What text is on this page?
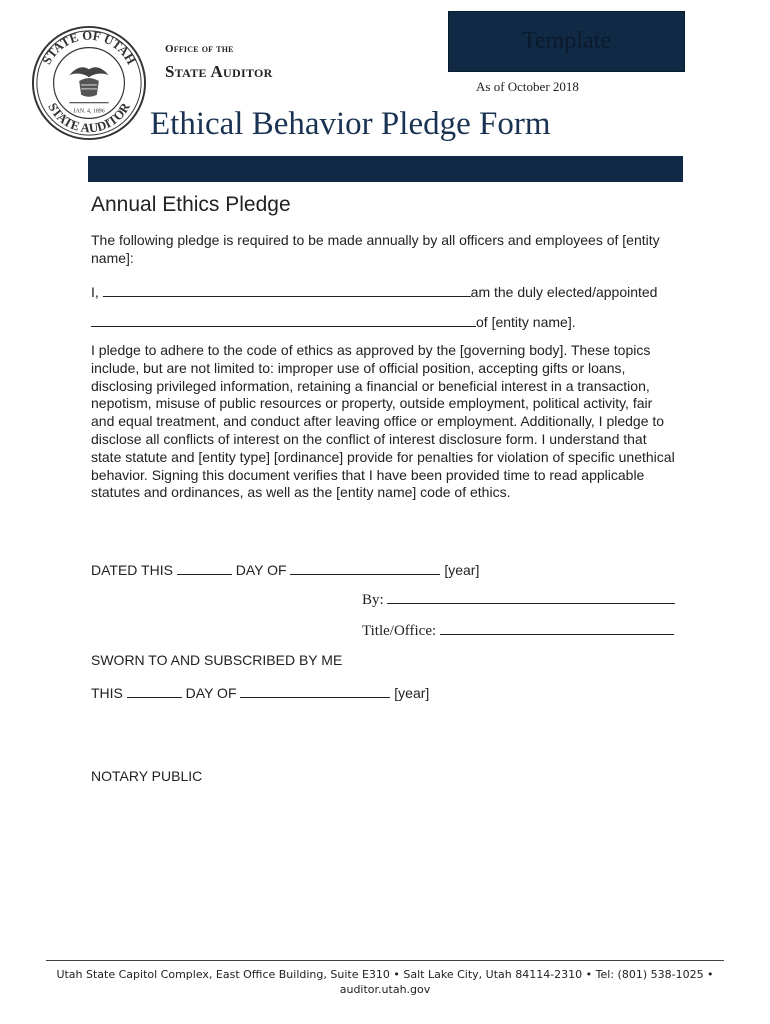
STATE OF UTAH
STATE AUDITOR
JAN. 4, 1896
Office of the
State Auditor
Template
As of October 2018
Ethical Behavior Pledge Form
Annual Ethics Pledge
The following pledge is required to be made annually by all officers and employees of [entity name]:
I,	am the duly elected/appointed
of [entity name].
I pledge to adhere to the code of ethics as approved by the [governing body]. These topics include, but are not limited to: improper use of official position, accepting gifts or loans, disclosing privileged information, retaining a financial or beneficial interest in a transaction, nepotism, misuse of public resources or property, outside employment, political activity, fair and equal treatment, and conduct after leaving office or employment. Additionally, I pledge to disclose all conflicts of interest on the conflict of interest disclosure form. I understand that state statute and [entity type] [ordinance] provide for penalties for violation of specific unethical behavior. Signing this document verifies that I have been provided time to read applicable statutes and ordinances, as well as the [entity name] code of ethics.
DATED THIS	DAY OF	[year]
By:
Title/Office:
SWORN TO AND SUBSCRIBED BY ME
THIS	DAY OF	[year]
NOTARY PUBLIC
Utah State Capitol Complex, East Office Building, Suite E310 • Salt Lake City, Utah 84114-2310 • Tel: (801) 538-1025 • auditor.utah.gov
